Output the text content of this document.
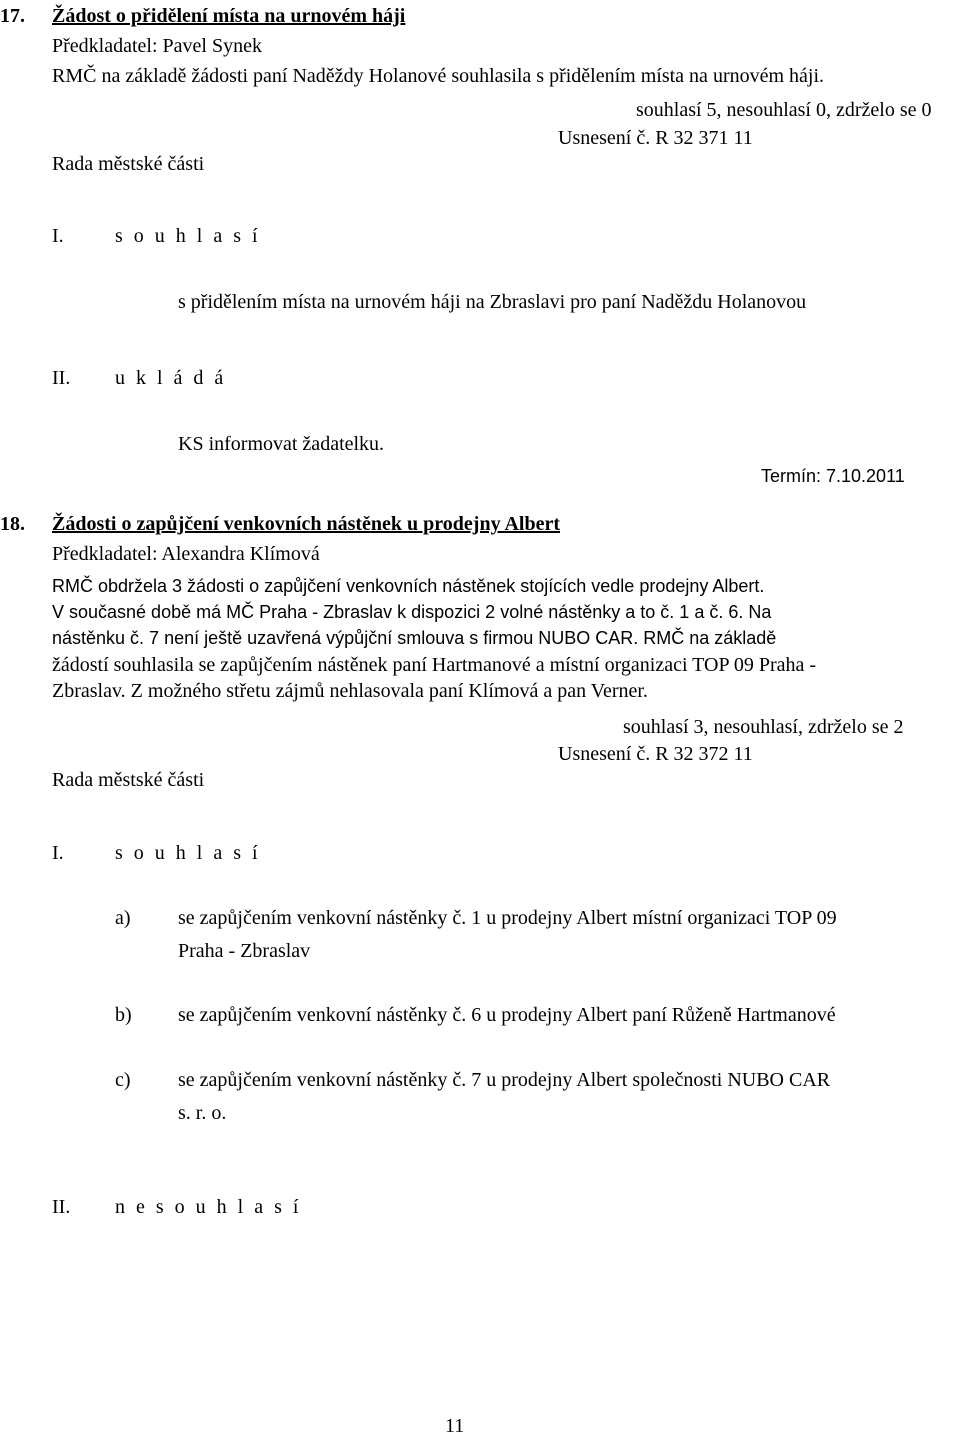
17. Žádost o přidělení místa na urnovém háji
Předkladatel: Pavel Synek
RMČ na základě žádosti paní Naděždy Holanové souhlasila s přidělením místa na urnovém háji.
souhlasí 5, nesouhlasí 0, zdrželo se 0
Usnesení č. R 32 371 11
Rada městské části
I.	s o u h l a s í
s přidělením místa na urnovém háji na Zbraslavi pro paní Naděždu Holanovou
II. u k l á d á
KS informovat žadatelku.
Termín: 7.10.2011
18. Žádosti o zapůjčení venkovních nástěnek u prodejny Albert
Předkladatel: Alexandra Klímová
RMČ obdržela 3 žádosti o zapůjčení venkovních nástěnek stojících vedle prodejny Albert.
V současné době má MČ Praha - Zbraslav k dispozici 2 volné nástěnky a to č. 1 a č. 6. Na
nástěnku č. 7 není ještě uzavřená výpůjční smlouva s firmou NUBO CAR. RMČ na základě
žádostí souhlasila se zapůjčením nástěnek paní Hartmanové a místní organizaci TOP 09 Praha -
Zbraslav. Z možného střetu zájmů nehlasovala paní Klímová a pan Verner.
souhlasí 3, nesouhlasí, zdrželo se 2
Usnesení č. R 32 372 11
Rada městské části
I.	s o u h l a s í
a) se zapůjčením venkovní nástěnky č. 1 u prodejny Albert místní organizaci TOP 09
Praha - Zbraslav
b) se zapůjčením venkovní nástěnky č. 6 u prodejny Albert paní Růženě Hartmanové
c) se zapůjčením venkovní nástěnky č. 7 u prodejny Albert společnosti NUBO CAR
s. r. o.
II. n e s o u h l a s í
11
